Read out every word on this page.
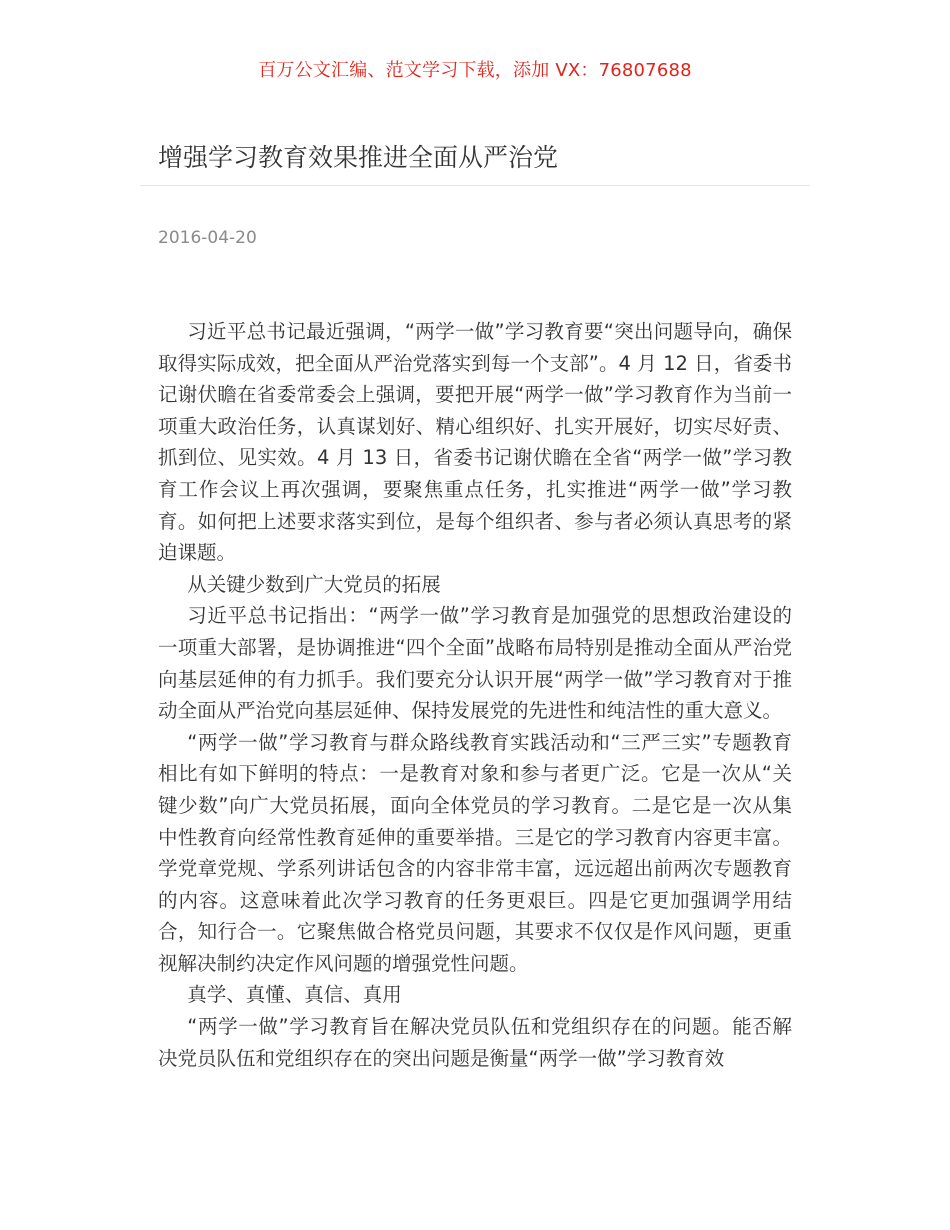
百万公文汇编、范文学习下载，添加 VX：76807688
增强学习教育效果推进全面从严治党
2016-04-20

习近平总书记最近强调，“两学一做”学习教育要“突出问题导向，确保取得实际成效，把全面从严治党落实到每一个支部”。4 月 12 日，省委书记谢伏瞻在省委常委会上强调，要把开展“两学一做”学习教育作为当前一项重大政治任务，认真谋划好、精心组织好、扎实开展好，切实尽好责、抓到位、见实效。4 月 13 日，省委书记谢伏瞻在全省“两学一做”学习教育工作会议上再次强调，要聚焦重点任务，扎实推进“两学一做”学习教育。如何把上述要求落实到位，是每个组织者、参与者必须认真思考的紧迫课题。

从关键少数到广大党员的拓展

习近平总书记指出：“两学一做”学习教育是加强党的思想政治建设的一项重大部署，是协调推进“四个全面”战略布局特别是推动全面从严治党向基层延伸的有力抓手。我们要充分认识开展“两学一做”学习教育对于推动全面从严治党向基层延伸、保持发展党的先进性和纯洁性的重大意义。

“两学一做”学习教育与群众路线教育实践活动和“三严三实”专题教育相比有如下鲜明的特点：一是教育对象和参与者更广泛。它是一次从“关键少数”向广大党员拓展，面向全体党员的学习教育。二是它是一次从集中性教育向经常性教育延伸的重要举措。三是它的学习教育内容更丰富。学党章党规、学系列讲话包含的内容非常丰富，远远超出前两次专题教育的内容。这意味着此次学习教育的任务更艰巨。四是它更加强调学用结合，知行合一。它聚焦做合格党员问题，其要求不仅仅是作风问题，更重视解决制约决定作风问题的增强党性问题。

真学、真懂、真信、真用

“两学一做”学习教育旨在解决党员队伍和党组织存在的问题。能否解决党员队伍和党组织存在的突出问题是衡量“两学一做”学习教育效
